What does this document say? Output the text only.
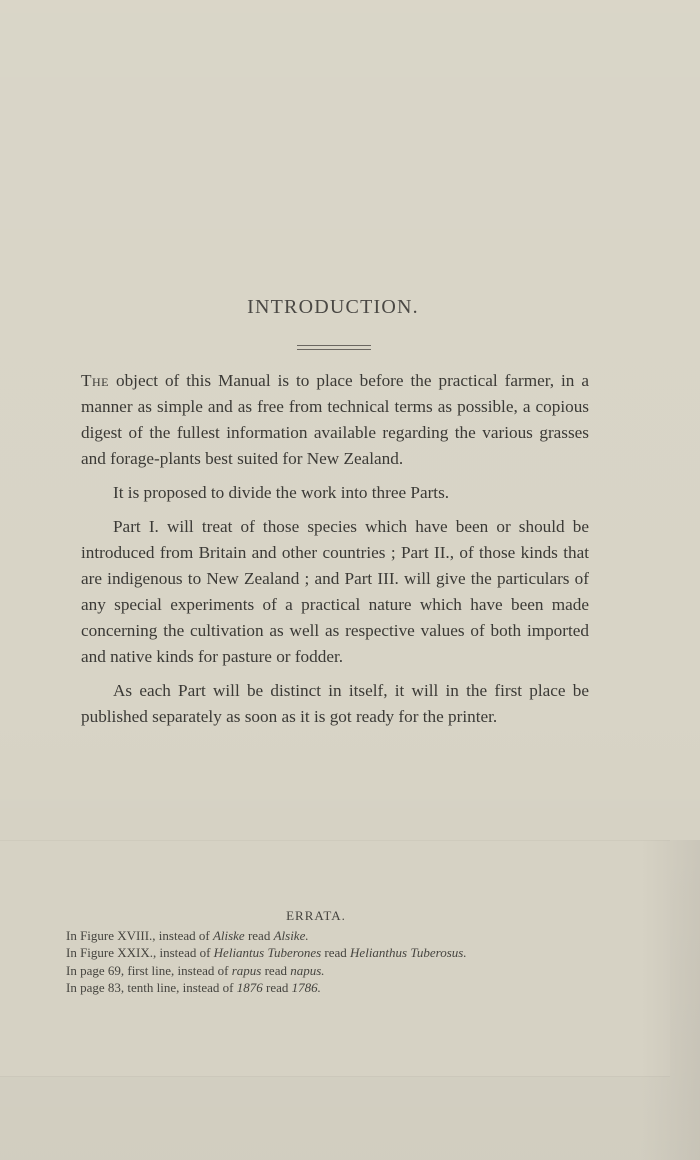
INTRODUCTION.

The object of this Manual is to place before the practical farmer, in a manner as simple and as free from technical terms as possible, a copious digest of the fullest information available regarding the various grasses and forage-plants best suited for New Zealand.

It is proposed to divide the work into three Parts.

Part I. will treat of those species which have been or should be introduced from Britain and other countries ; Part II., of those kinds that are indigenous to New Zealand ; and Part III. will give the particulars of any special experiments of a practical nature which have been made concerning the cultivation as well as respective values of both imported and native kinds for pasture or fodder.

As each Part will be distinct in itself, it will in the first place be published separately as soon as it is got ready for the printer.

ERRATA.
In Figure XVIII., instead of Aliske read Alsike.
In Figure XXIX., instead of Heliantus Tuberones read Helianthus Tuberosus.
In page 69, first line, instead of rapus read napus.
In page 83, tenth line, instead of 1876 read 1786.
